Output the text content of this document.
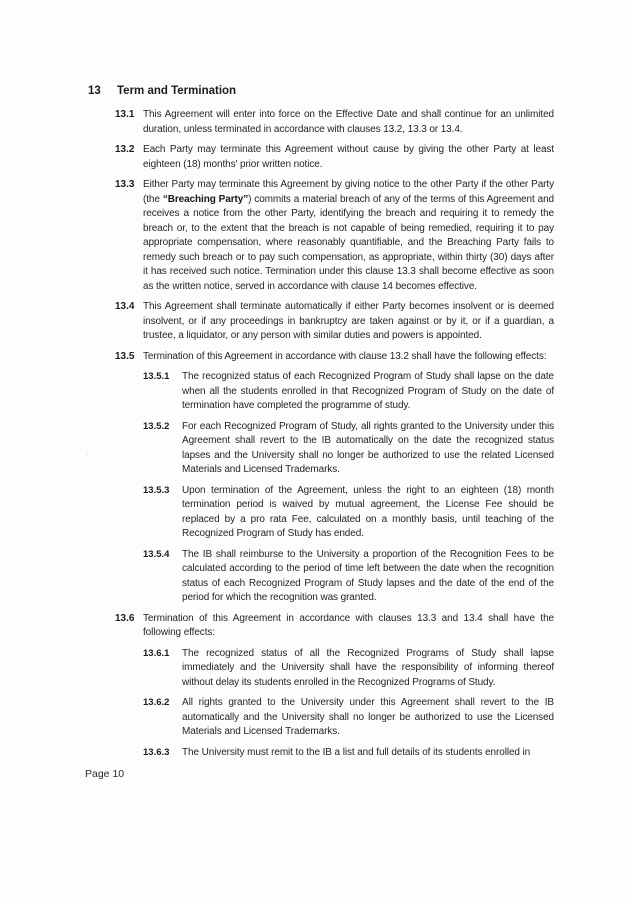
13	Term and Termination
13.1 This Agreement will enter into force on the Effective Date and shall continue for an unlimited duration, unless terminated in accordance with clauses 13.2, 13.3 or 13.4.

13.2 Each Party may terminate this Agreement without cause by giving the other Party at least eighteen (18) months' prior written notice.

13.3 Either Party may terminate this Agreement by giving notice to the other Party if the other Party (the “Breaching Party”) commits a material breach of any of the terms of this Agreement and receives a notice from the other Party, identifying the breach and requiring it to remedy the breach or, to the extent that the breach is not capable of being remedied, requiring it to pay appropriate compensation, where reasonably quantifiable, and the Breaching Party fails to remedy such breach or to pay such compensation, as appropriate, within thirty (30) days after it has received such notice. Termination under this clause 13.3 shall become effective as soon as the written notice, served in accordance with clause 14 becomes effective.

13.4 This Agreement shall terminate automatically if either Party becomes insolvent or is deemed insolvent, or if any proceedings in bankruptcy are taken against or by it, or if a guardian, a trustee, a liquidator, or any person with similar duties and powers is appointed.

13.5 Termination of this Agreement in accordance with clause 13.2 shall have the following effects:

13.5.1 The recognized status of each Recognized Program of Study shall lapse on the date when all the students enrolled in that Recognized Program of Study on the date of termination have completed the programme of study.

13.5.2 For each Recognized Program of Study, all rights granted to the University under this Agreement shall revert to the IB automatically on the date the recognized status lapses and the University shall no longer be authorized to use the related Licensed Materials and Licensed Trademarks.

13.5.3 Upon termination of the Agreement, unless the right to an eighteen (18) month termination period is waived by mutual agreement, the License Fee should be replaced by a pro rata Fee, calculated on a monthly basis, until teaching of the Recognized Program of Study has ended.

13.5.4 The IB shall reimburse to the University a proportion of the Recognition Fees to be calculated according to the period of time left between the date when the recognition status of each Recognized Program of Study lapses and the date of the end of the period for which the recognition was granted.

13.6 Termination of this Agreement in accordance with clauses 13.3 and 13.4 shall have the following effects:

13.6.1 The recognized status of all the Recognized Programs of Study shall lapse immediately and the University shall have the responsibility of informing thereof without delay its students enrolled in the Recognized Programs of Study.

13.6.2 All rights granted to the University under this Agreement shall revert to the IB automatically and the University shall no longer be authorized to use the Licensed Materials and Licensed Trademarks.

13.6.3 The University must remit to the IB a list and full details of its students enrolled in

Page 10
.
